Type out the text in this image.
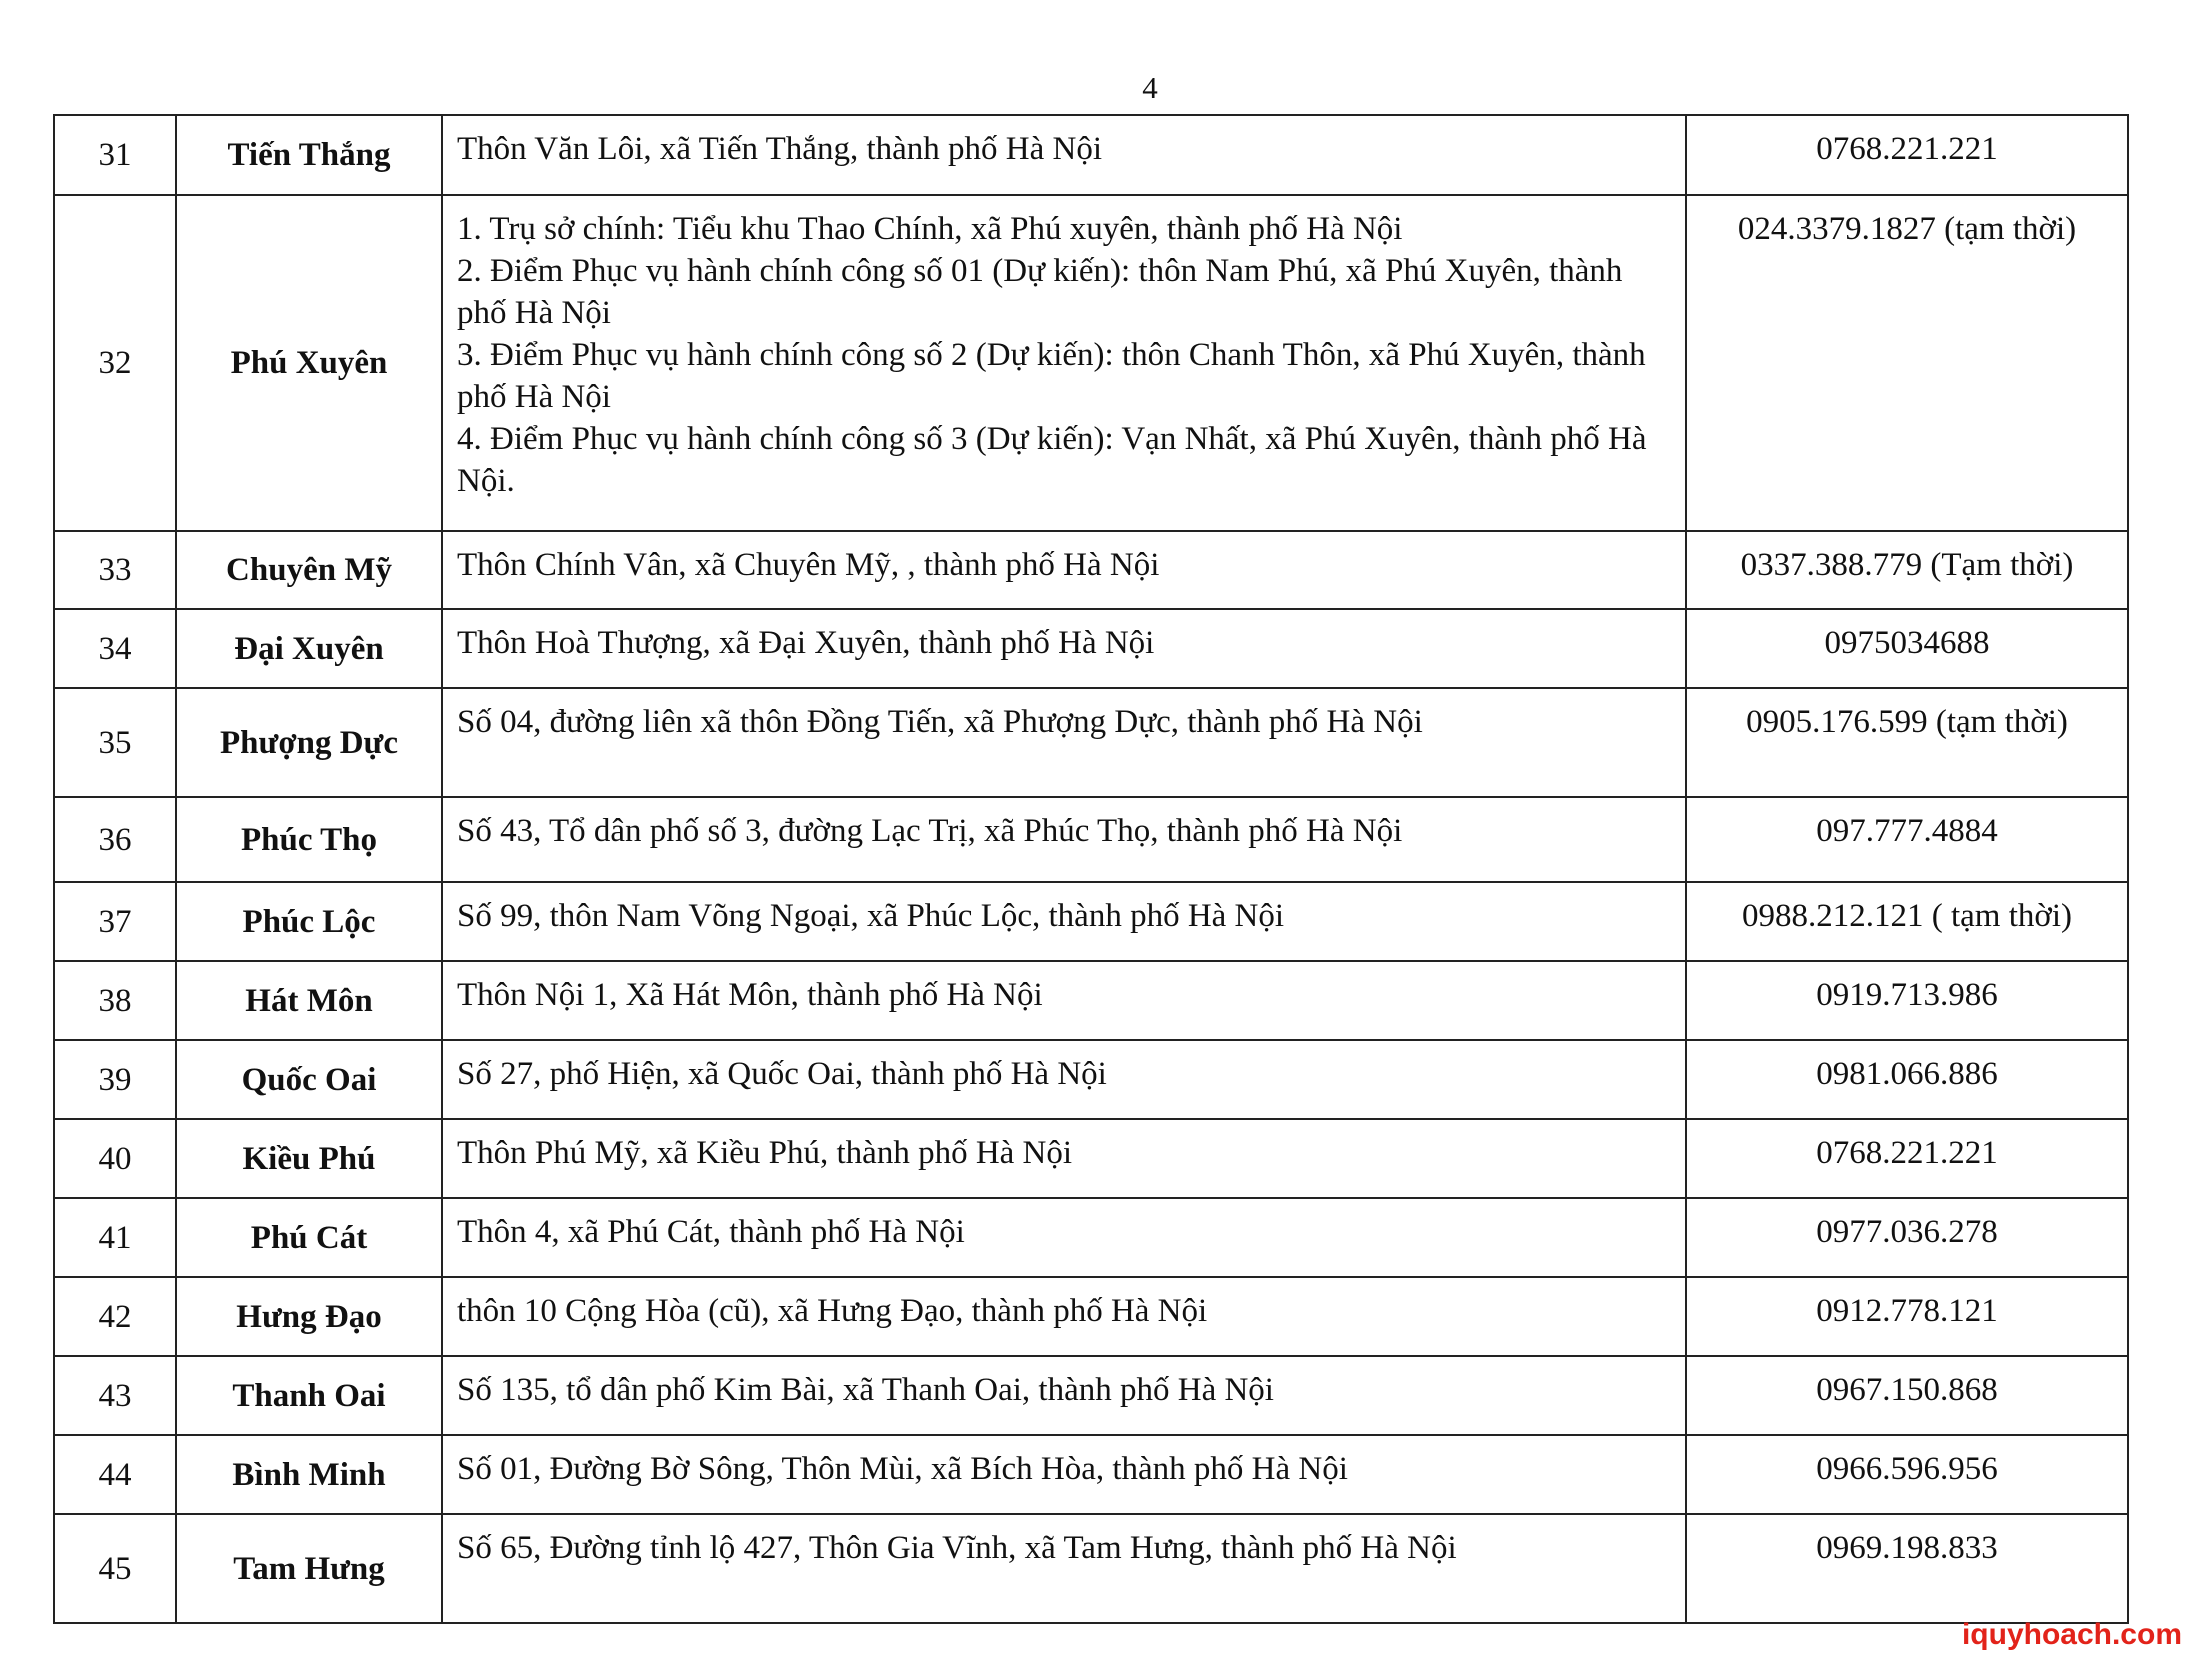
4
31	Tiến Thắng	Thôn Văn Lôi, xã Tiến Thắng, thành phố Hà Nội	0768.221.221
32	Phú Xuyên	1. Trụ sở chính: Tiểu khu Thao Chính, xã Phú xuyên, thành phố Hà Nội
2. Điểm Phục vụ hành chính công số 01 (Dự kiến): thôn Nam Phú, xã Phú Xuyên, thành phố Hà Nội
3. Điểm Phục vụ hành chính công số 2 (Dự kiến): thôn Chanh Thôn, xã Phú Xuyên, thành phố Hà Nội
4. Điểm Phục vụ hành chính công số 3 (Dự kiến): Vạn Nhất, xã Phú Xuyên, thành phố Hà Nội.	024.3379.1827 (tạm thời)
33	Chuyên Mỹ	Thôn Chính Vân, xã Chuyên Mỹ, , thành phố Hà Nội	0337.388.779 (Tạm thời)
34	Đại Xuyên	Thôn Hoà Thượng, xã Đại Xuyên, thành phố Hà Nội	0975034688
35	Phượng Dực	Số 04, đường liên xã thôn Đồng Tiến, xã Phượng Dực, thành phố Hà Nội	0905.176.599 (tạm thời)
36	Phúc Thọ	Số 43, Tổ dân phố số 3, đường Lạc Trị, xã Phúc Thọ, thành phố Hà Nội	097.777.4884
37	Phúc Lộc	Số 99, thôn Nam Võng Ngoại, xã Phúc Lộc, thành phố Hà Nội	0988.212.121 ( tạm thời)
38	Hát Môn	Thôn Nội 1, Xã Hát Môn, thành phố Hà Nội	0919.713.986
39	Quốc Oai	Số 27, phố Hiện, xã Quốc Oai, thành phố Hà Nội	0981.066.886
40	Kiều Phú	Thôn Phú Mỹ, xã Kiều Phú, thành phố Hà Nội	0768.221.221
41	Phú Cát	Thôn 4, xã Phú Cát, thành phố Hà Nội	0977.036.278
42	Hưng Đạo	thôn 10 Cộng Hòa (cũ), xã Hưng Đạo, thành phố Hà Nội	0912.778.121
43	Thanh Oai	Số 135, tổ dân phố Kim Bài, xã Thanh Oai, thành phố Hà Nội	0967.150.868
44	Bình Minh	Số 01, Đường Bờ Sông, Thôn Mùi, xã Bích Hòa, thành phố Hà Nội	0966.596.956
45	Tam Hưng	Số 65, Đường tỉnh lộ 427, Thôn Gia Vĩnh, xã Tam Hưng, thành phố Hà Nội	0969.198.833
iquyhoach.com
